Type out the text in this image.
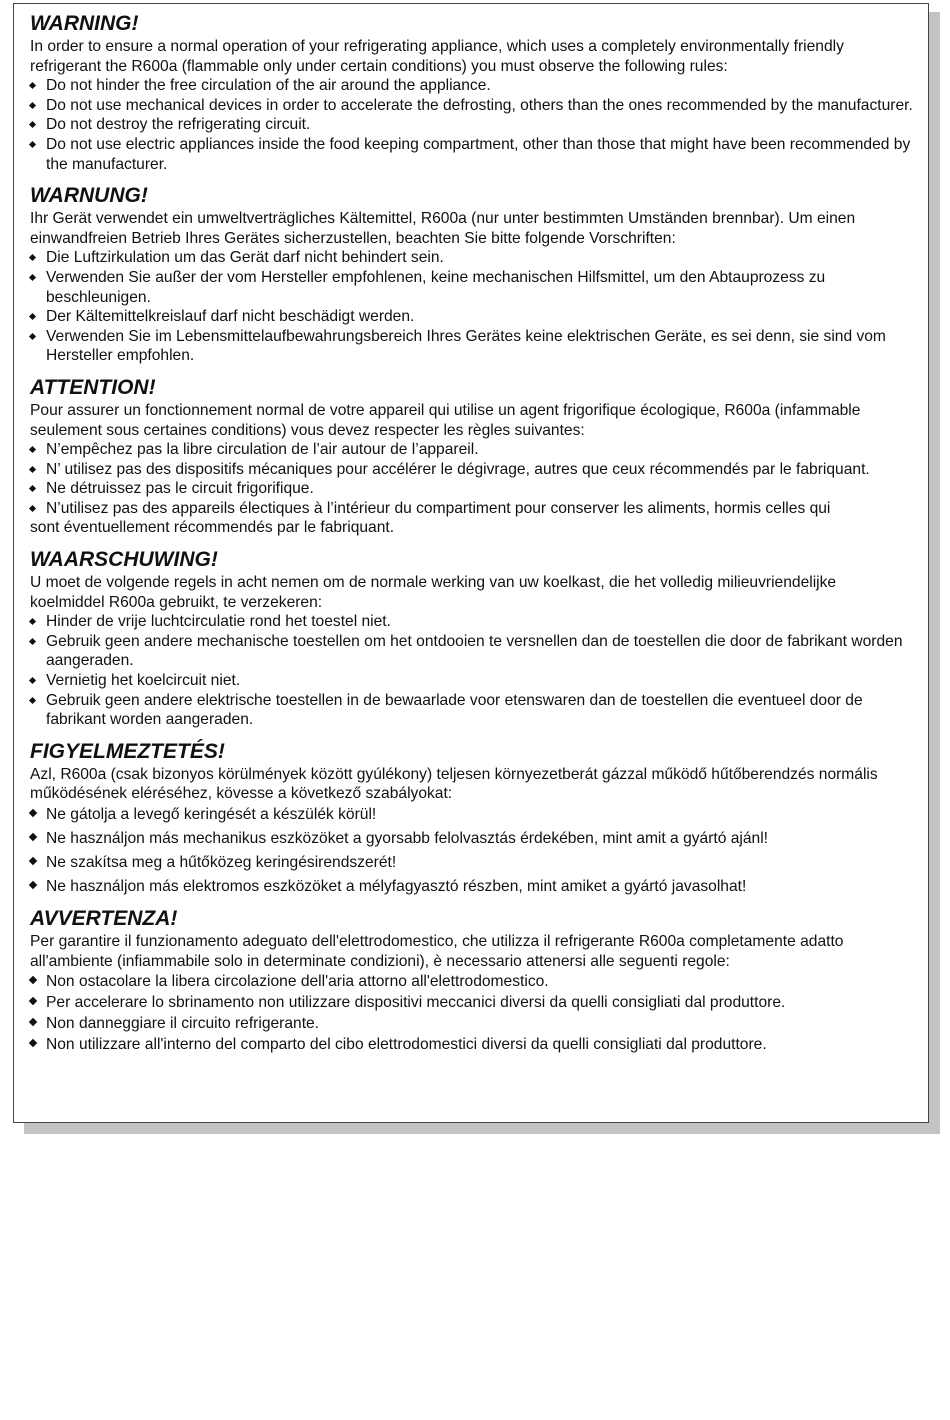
WARNING!

In order to ensure a normal operation of your refrigerating appliance, which uses a completely environmentally friendly refrigerant the R600a (flammable only under certain conditions) you must observe the following rules:

Do not hinder the free circulation of the air around the appliance.
Do not use mechanical devices in order to accelerate the defrosting, others than the ones recommended by the manufacturer.
Do not destroy the refrigerating circuit.
Do not use electric appliances inside the food keeping compartment, other than those that might have been recommended by the manufacturer.
WARNUNG!

Ihr Gerät verwendet ein umweltverträgliches Kältemittel, R600a (nur unter bestimmten Umständen brennbar). Um einen einwandfreien Betrieb Ihres Gerätes sicherzustellen, beachten Sie bitte folgende Vorschriften:

Die Luftzirkulation um das Gerät darf nicht behindert sein.
Verwenden Sie außer der vom Hersteller empfohlenen, keine mechanischen Hilfsmittel, um den Abtauprozess zu beschleunigen.
Der Kältemittelkreislauf darf nicht beschädigt werden.
Verwenden Sie im Lebensmittelaufbewahrungsbereich Ihres Gerätes keine elektrischen Geräte, es sei denn, sie sind vom Hersteller empfohlen.
ATTENTION!

Pour assurer un fonctionnement normal de votre appareil qui utilise un agent frigorifique écologique, R600a (infammable seulement sous certaines conditions) vous devez respecter les règles suivantes:

N’empêchez pas la libre circulation de l’air autour de l’appareil.
N’ utilisez pas des dispositifs mécaniques pour accélérer le dégivrage, autres que ceux récommendés par le fabriquant.
Ne détruissez pas le circuit frigorifique.
N’utilisez pas des appareils électiques à l’intérieur du compartiment pour conserver les aliments, hormis celles qui

sont éventuellement récommendés par le fabriquant.

WAARSCHUWING!

U moet de volgende regels in acht nemen om de normale werking van uw koelkast, die het volledig milieuvriendelijke koelmiddel R600a gebruikt, te verzekeren:

Hinder de vrije luchtcirculatie rond het toestel niet.
Gebruik geen andere mechanische toestellen om het ontdooien te versnellen dan de toestellen die door de fabrikant worden aangeraden.
Vernietig het koelcircuit niet.
Gebruik geen andere elektrische toestellen in de bewaarlade voor etenswaren dan de toestellen die eventueel door de fabrikant worden aangeraden.
FIGYELMEZTETÉS!

Azl, R600a (csak bizonyos körülmények között gyúlékony) teljesen környezetberát gázzal működő hűtőberendzés normális működésének eléréséhez, kövesse a következő szabályokat:

Ne gátolja a levegő keringését a készülék körül!
Ne használjon más mechanikus eszközöket a gyorsabb felolvasztás érdekében, mint amit a gyártó ajánl!
Ne szakítsa meg a hűtőközeg keringésirendszerét!
Ne használjon más elektromos eszközöket a mélyfagyasztó részben, mint amiket a gyártó javasolhat!
AVVERTENZA!

Per garantire il funzionamento adeguato dell'elettrodomestico, che utilizza il refrigerante R600a completamente adatto all'ambiente (infiammabile solo in determinate condizioni), è necessario attenersi alle seguenti regole:

Non ostacolare la libera circolazione dell'aria attorno all'elettrodomestico.
Per accelerare lo sbrinamento non utilizzare dispositivi meccanici diversi da quelli consigliati dal produttore.
Non danneggiare il circuito refrigerante.
Non utilizzare all'interno del comparto del cibo elettrodomestici diversi da quelli consigliati dal produttore.
